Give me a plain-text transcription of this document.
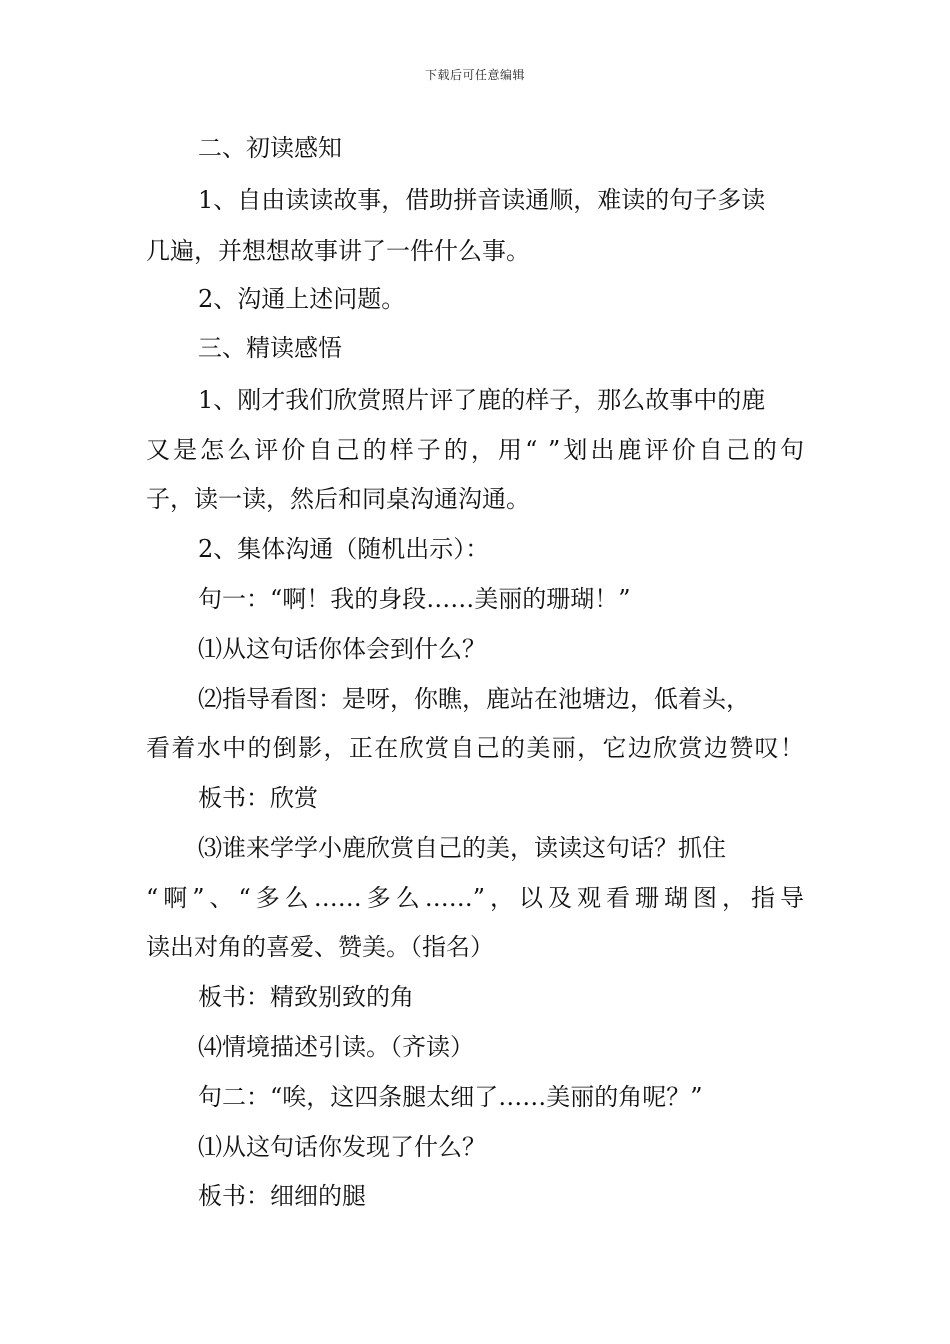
下载后可任意编辑
二、初读感知
1、自由读读故事，借助拼音读通顺，难读的句子多读
几遍，并想想故事讲了一件什么事。
2、沟通上述问题。
三、精读感悟
1、刚才我们欣赏照片评了鹿的样子，那么故事中的鹿
又是怎么评价自己的样子的，用“ ”划出鹿评价自己的句
子，读一读，然后和同桌沟通沟通。
2、集体沟通（随机出示）：
句一：“啊！我的身段……美丽的珊瑚！”
⑴从这句话你体会到什么？
⑵指导看图：是呀，你瞧，鹿站在池塘边，低着头，
看着水中的倒影，正在欣赏自己的美丽，它边欣赏边赞叹！
板书：欣赏
⑶谁来学学小鹿欣赏自己的美，读读这句话？抓住
“啊”、“多么……多么……”，以及观看珊瑚图，指导
读出对角的喜爱、赞美。（指名）
板书：精致别致的角
⑷情境描述引读。（齐读）
句二：“唉，这四条腿太细了……美丽的角呢？”
⑴从这句话你发现了什么？
板书：细细的腿
